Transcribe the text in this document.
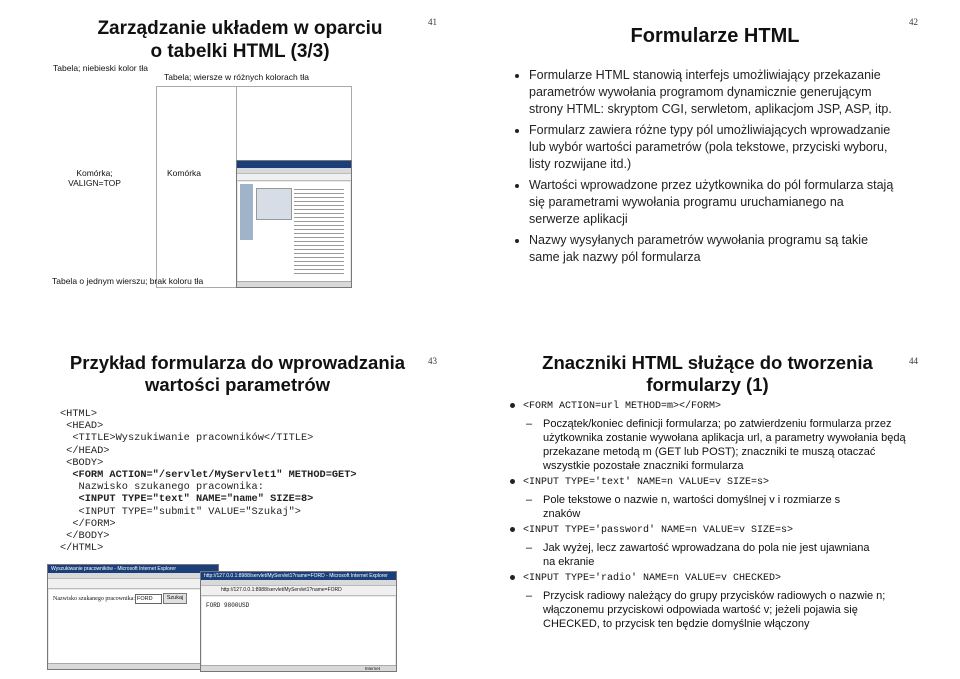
41
Zarządzanie układem w oparciu
o tabelki HTML (3/3)
Tabela; niebieski kolor tła
Tabela; wiersze w różnych kolorach tła
Komórka;
VALIGN=TOP
Komórka
Tabela o jednym wierszu; brak koloru tła
42
Formularze HTML
• Formularze HTML stanowią interfejs umożliwiający przekazanie parametrów wywołania programom dynamicznie generującym strony HTML: skryptom CGI, serwletom, aplikacjom JSP, ASP, itp.
• Formularz zawiera różne typy pól umożliwiających wprowadzanie lub wybór wartości parametrów (pola tekstowe, przyciski wyboru, listy rozwijane itd.)
• Wartości wprowadzone przez użytkownika do pól formularza stają się parametrami wywołania programu uruchamianego na serwerze aplikacji
• Nazwy wysyłanych parametrów wywołania programu są takie same jak nazwy pól formularza
43
Przykład formularza do wprowadzania
wartości parametrów
<HTML>
<HEAD>
<TITLE>Wyszukiwanie pracowników</TITLE>
</HEAD>
<BODY>
<FORM ACTION="/servlet/MyServlet1" METHOD=GET>
Nazwisko szukanego pracownika:
<INPUT TYPE="text" NAME="name" SIZE=8>
<INPUT TYPE="submit" VALUE="Szukaj">
</FORM>
</BODY>
</HTML>
Wyszukiwanie pracowników - Microsoft Internet Explorer
Nazwisko szukanego pracownika: FORD	Szukaj
http://127.0.0.1:8988/servlet/MyServlet1?name=FORD - Microsoft Internet Explorer
http://127.0.0.1:8988/servlet/MyServlet1?name=FORD
FORD 9800USD
Internet
44
Znaczniki HTML służące do tworzenia
formularzy (1)
<FORM ACTION=url METHOD=m></FORM>
– Początek/koniec definicji formularza; po zatwierdzeniu formularza przez użytkownika zostanie wywołana aplikacja url, a parametry wywołania będą przekazane metodą m (GET lub POST); znaczniki te muszą otaczać wszystkie pozostałe znaczniki formularza
<INPUT TYPE='text' NAME=n VALUE=v SIZE=s>
– Pole tekstowe o nazwie n, wartości domyślnej v i rozmiarze s znaków
<INPUT TYPE='password' NAME=n VALUE=v SIZE=s>
– Jak wyżej, lecz zawartość wprowadzana do pola nie jest ujawniana na ekranie
<INPUT TYPE='radio' NAME=n VALUE=v CHECKED>
– Przycisk radiowy należący do grupy przycisków radiowych o nazwie n; włączonemu przyciskowi odpowiada wartość v; jeżeli pojawia się CHECKED, to przycisk ten będzie domyślnie włączony
